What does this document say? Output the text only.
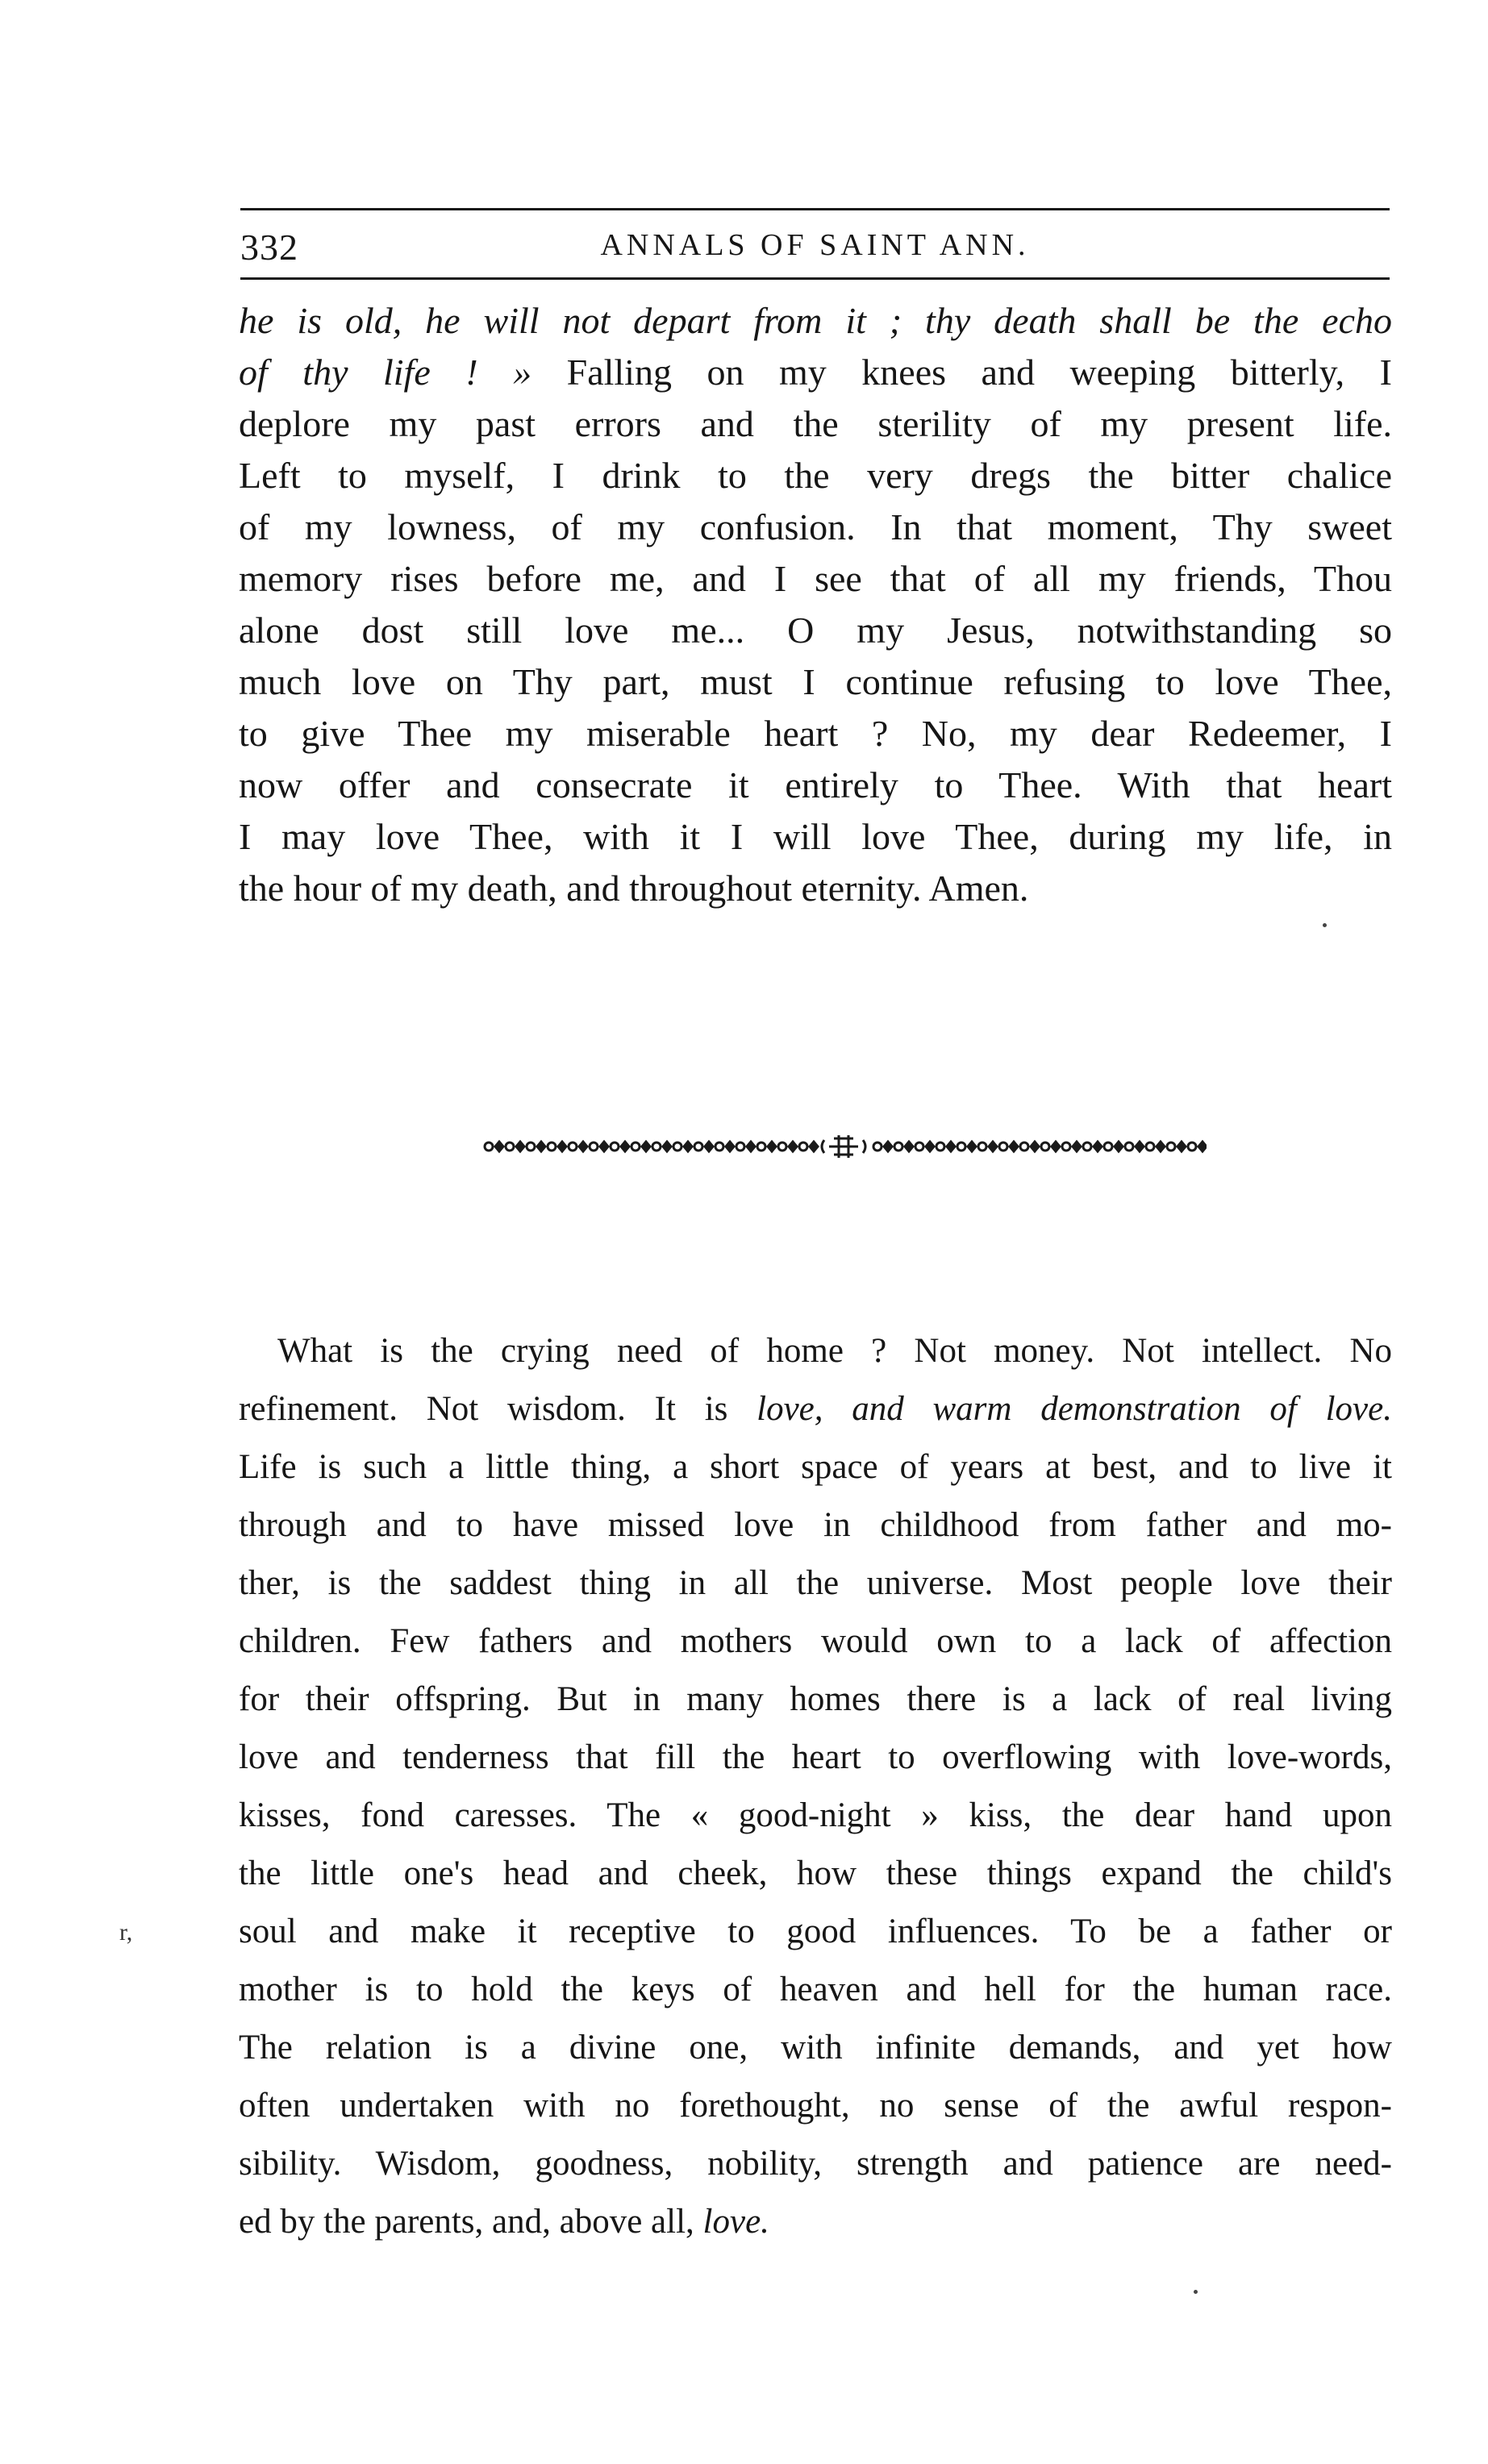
332	ANNALS OF SAINT ANN.
he is old, he will not depart from it ; thy death shall be the echo
of thy life ! » Falling on my knees and weeping bitterly, I
deplore my past errors and the sterility of my present life.
Left to myself, I drink to the very dregs the bitter chalice
of my lowness, of my confusion. In that moment, Thy sweet
memory rises before me, and I see that of all my friends, Thou
alone dost still love me... O my Jesus, notwithstanding so
much love on Thy part, must I continue refusing to love Thee,
to give Thee my miserable heart ? No, my dear Redeemer, I
now offer and consecrate it entirely to Thee. With that heart
I may love Thee, with it I will love Thee, during my life, in
the hour of my death, and throughout eternity. Amen.
What is the crying need of home ? Not money. Not intellect. No
refinement. Not wisdom. It is love, and warm demonstration of love.
Life is such a little thing, a short space of years at best, and to live it
through and to have missed love in childhood from father and mo-
ther, is the saddest thing in all the universe. Most people love their
children. Few fathers and mothers would own to a lack of affection
for their offspring. But in many homes there is a lack of real living
love and tenderness that fill the heart to overflowing with love-words,
kisses, fond caresses. The « good-night » kiss, the dear hand upon
the little one's head and cheek, how these things expand the child's
soul and make it receptive to good influences. To be a father or
mother is to hold the keys of heaven and hell for the human race.
The relation is a divine one, with infinite demands, and yet how
often undertaken with no forethought, no sense of the awful respon-
sibility. Wisdom, goodness, nobility, strength and patience are need-
ed by the parents, and, above all, love.
r,
